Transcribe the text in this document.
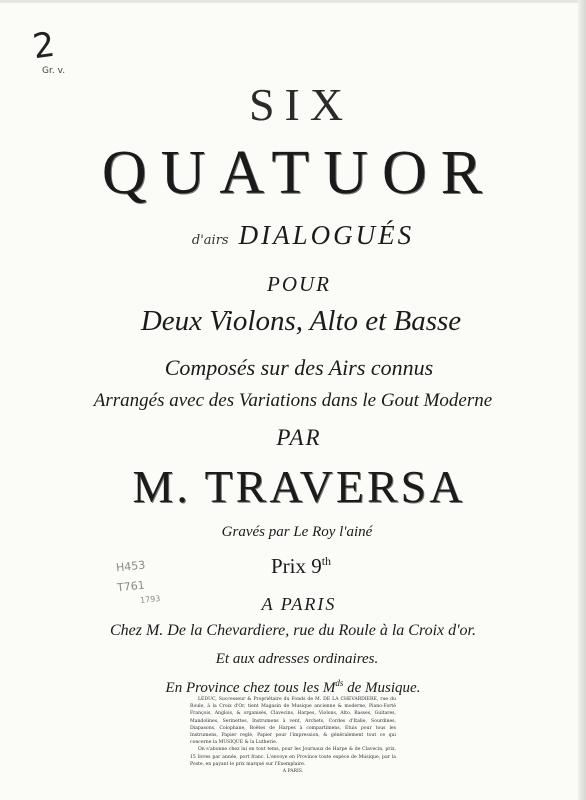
2
Gr. v.
SIX
QUATUOR
d'airs DIALOGUÉS
POUR
Deux Violons, Alto et Basse
Composés sur des Airs connus
Arrangés avec des Variations dans le Gout Moderne
PAR
M. TRAVERSA
Gravés par Le Roy l'ainé
Prix 9th
H453
T761
1793	A PARIS
Chez M. De la Chevardiere, rue du Roule à la Croix d'or.
Et aux adresses ordinaires.
En Province chez tous les $M^{ds}$ de Musique.

LEDUC, Successeur & Propriétaire du Fonds de M. DE LA CHEVARDIERE, rue du Roule, à la Croix d'Or, tient Magasin de Musique ancienne & moderne, Piano-Forté François, Anglois, & organisés, Clavecins, Harpes, Violons, Alto, Basses, Guitares, Mandolines, Serinettes, Instrumens à vent, Archets, Cordes d'Italie, Sourdines, Diapasons, Colophane, Boëtes de Harpes à compartimens, Etuis pour tous les Instrumens, Papier reglé, Papier pour l'impression, & généralement tout ce qui concerne la MUSIQUE & la Lutherie.

On s'abonne chez lui en tout tems, pour les Journaux de Harpe & de Clavecin, prix, 15 livres par année, port franc. L'envoye en Province toute espèce de Musique, par la Poste, en payant le prix marqué sur l'Exemplaire.

A PARIS.
